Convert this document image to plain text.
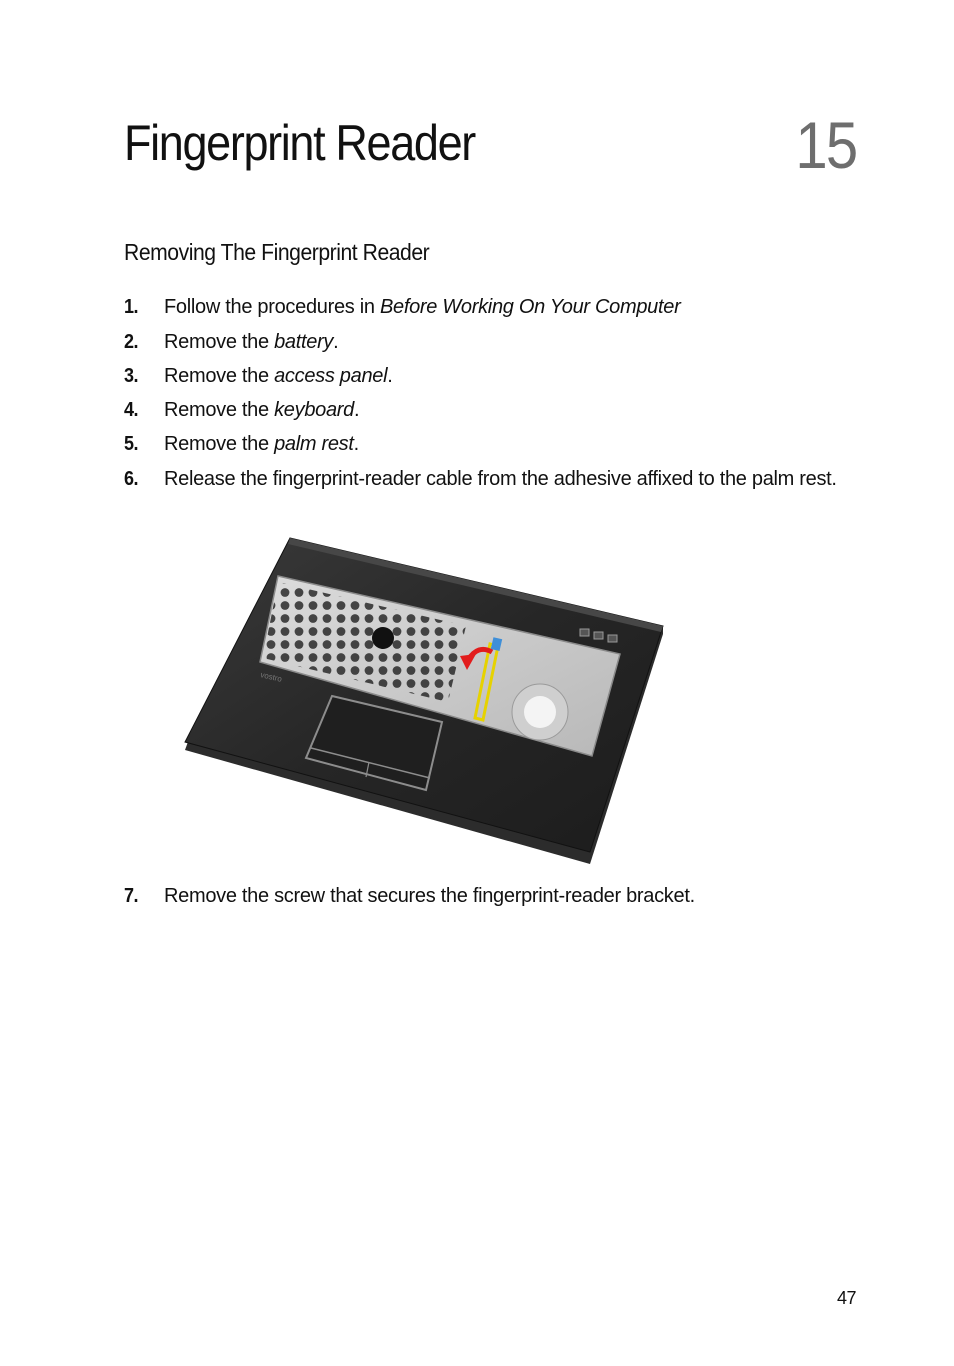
Fingerprint Reader	15
Removing The Fingerprint Reader
1. Follow the procedures in Before Working On Your Computer
2. Remove the battery.
3. Remove the access panel.
4. Remove the keyboard.
5. Remove the palm rest.
6. Release the fingerprint-reader cable from the adhesive affixed to the palm rest.
vostro
7. Remove the screw that secures the fingerprint-reader bracket.
47
